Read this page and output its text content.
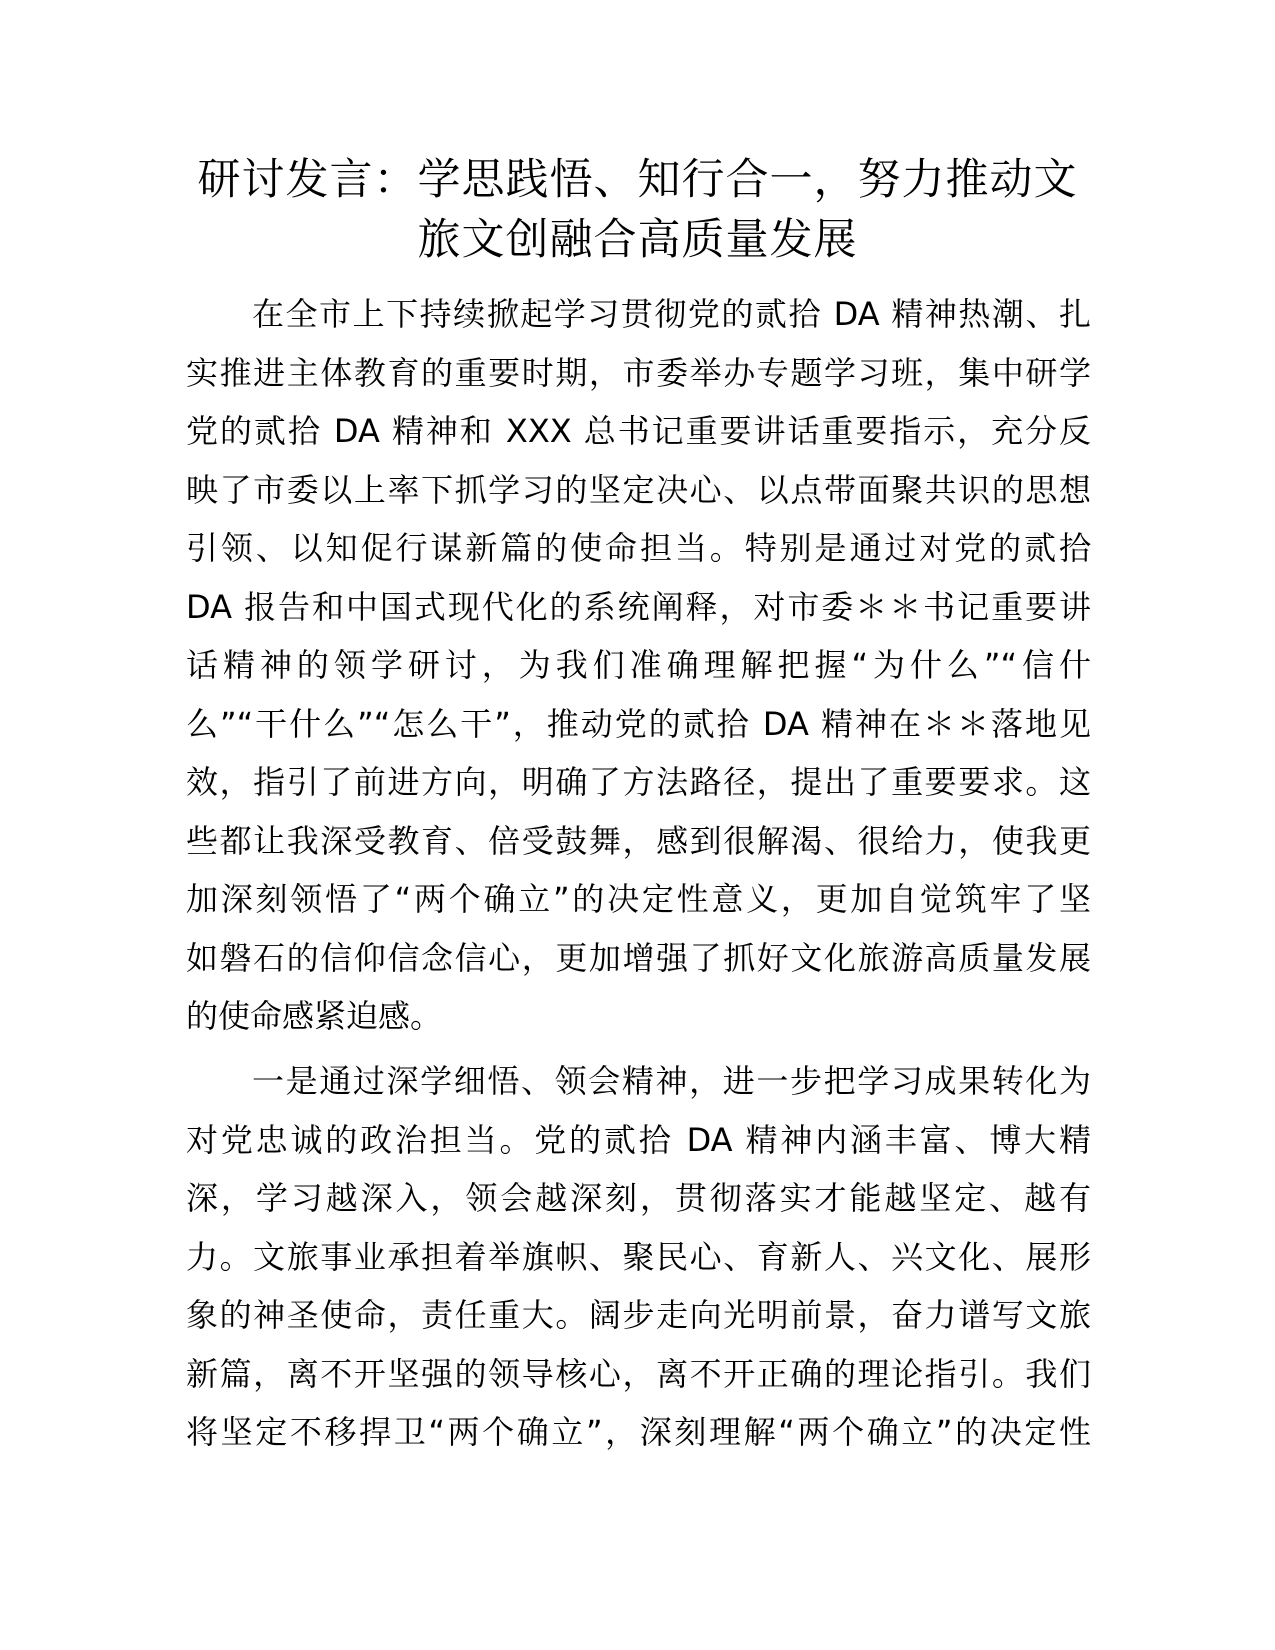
研讨发言：学思践悟、知行合一，努力推动文
旅文创融合高质量发展

在全市上下持续掀起学习贯彻党的贰拾 DA 精神热潮、扎
实推进主体教育的重要时期，市委举办专题学习班，集中研学
党的贰拾 DA 精神和 XXX 总书记重要讲话重要指示，充分反
映了市委以上率下抓学习的坚定决心、以点带面聚共识的思想
引领、以知促行谋新篇的使命担当。特别是通过对党的贰拾
DA 报告和中国式现代化的系统阐释，对市委＊＊书记重要讲
话精神的领学研讨，为我们准确理解把握“为什么”“信什
么”“干什么”“怎么干”，推动党的贰拾 DA 精神在＊＊落地见
效，指引了前进方向，明确了方法路径，提出了重要要求。这
些都让我深受教育、倍受鼓舞，感到很解渴、很给力，使我更
加深刻领悟了“两个确立”的决定性意义，更加自觉筑牢了坚
如磐石的信仰信念信心，更加增强了抓好文化旅游高质量发展
的使命感紧迫感。

一是通过深学细悟、领会精神，进一步把学习成果转化为
对党忠诚的政治担当。党的贰拾 DA 精神内涵丰富、博大精
深，学习越深入，领会越深刻，贯彻落实才能越坚定、越有
力。文旅事业承担着举旗帜、聚民心、育新人、兴文化、展形
象的神圣使命，责任重大。阔步走向光明前景，奋力谱写文旅
新篇，离不开坚强的领导核心，离不开正确的理论指引。我们
将坚定不移捍卫“两个确立”，深刻理解“两个确立”的决定性
